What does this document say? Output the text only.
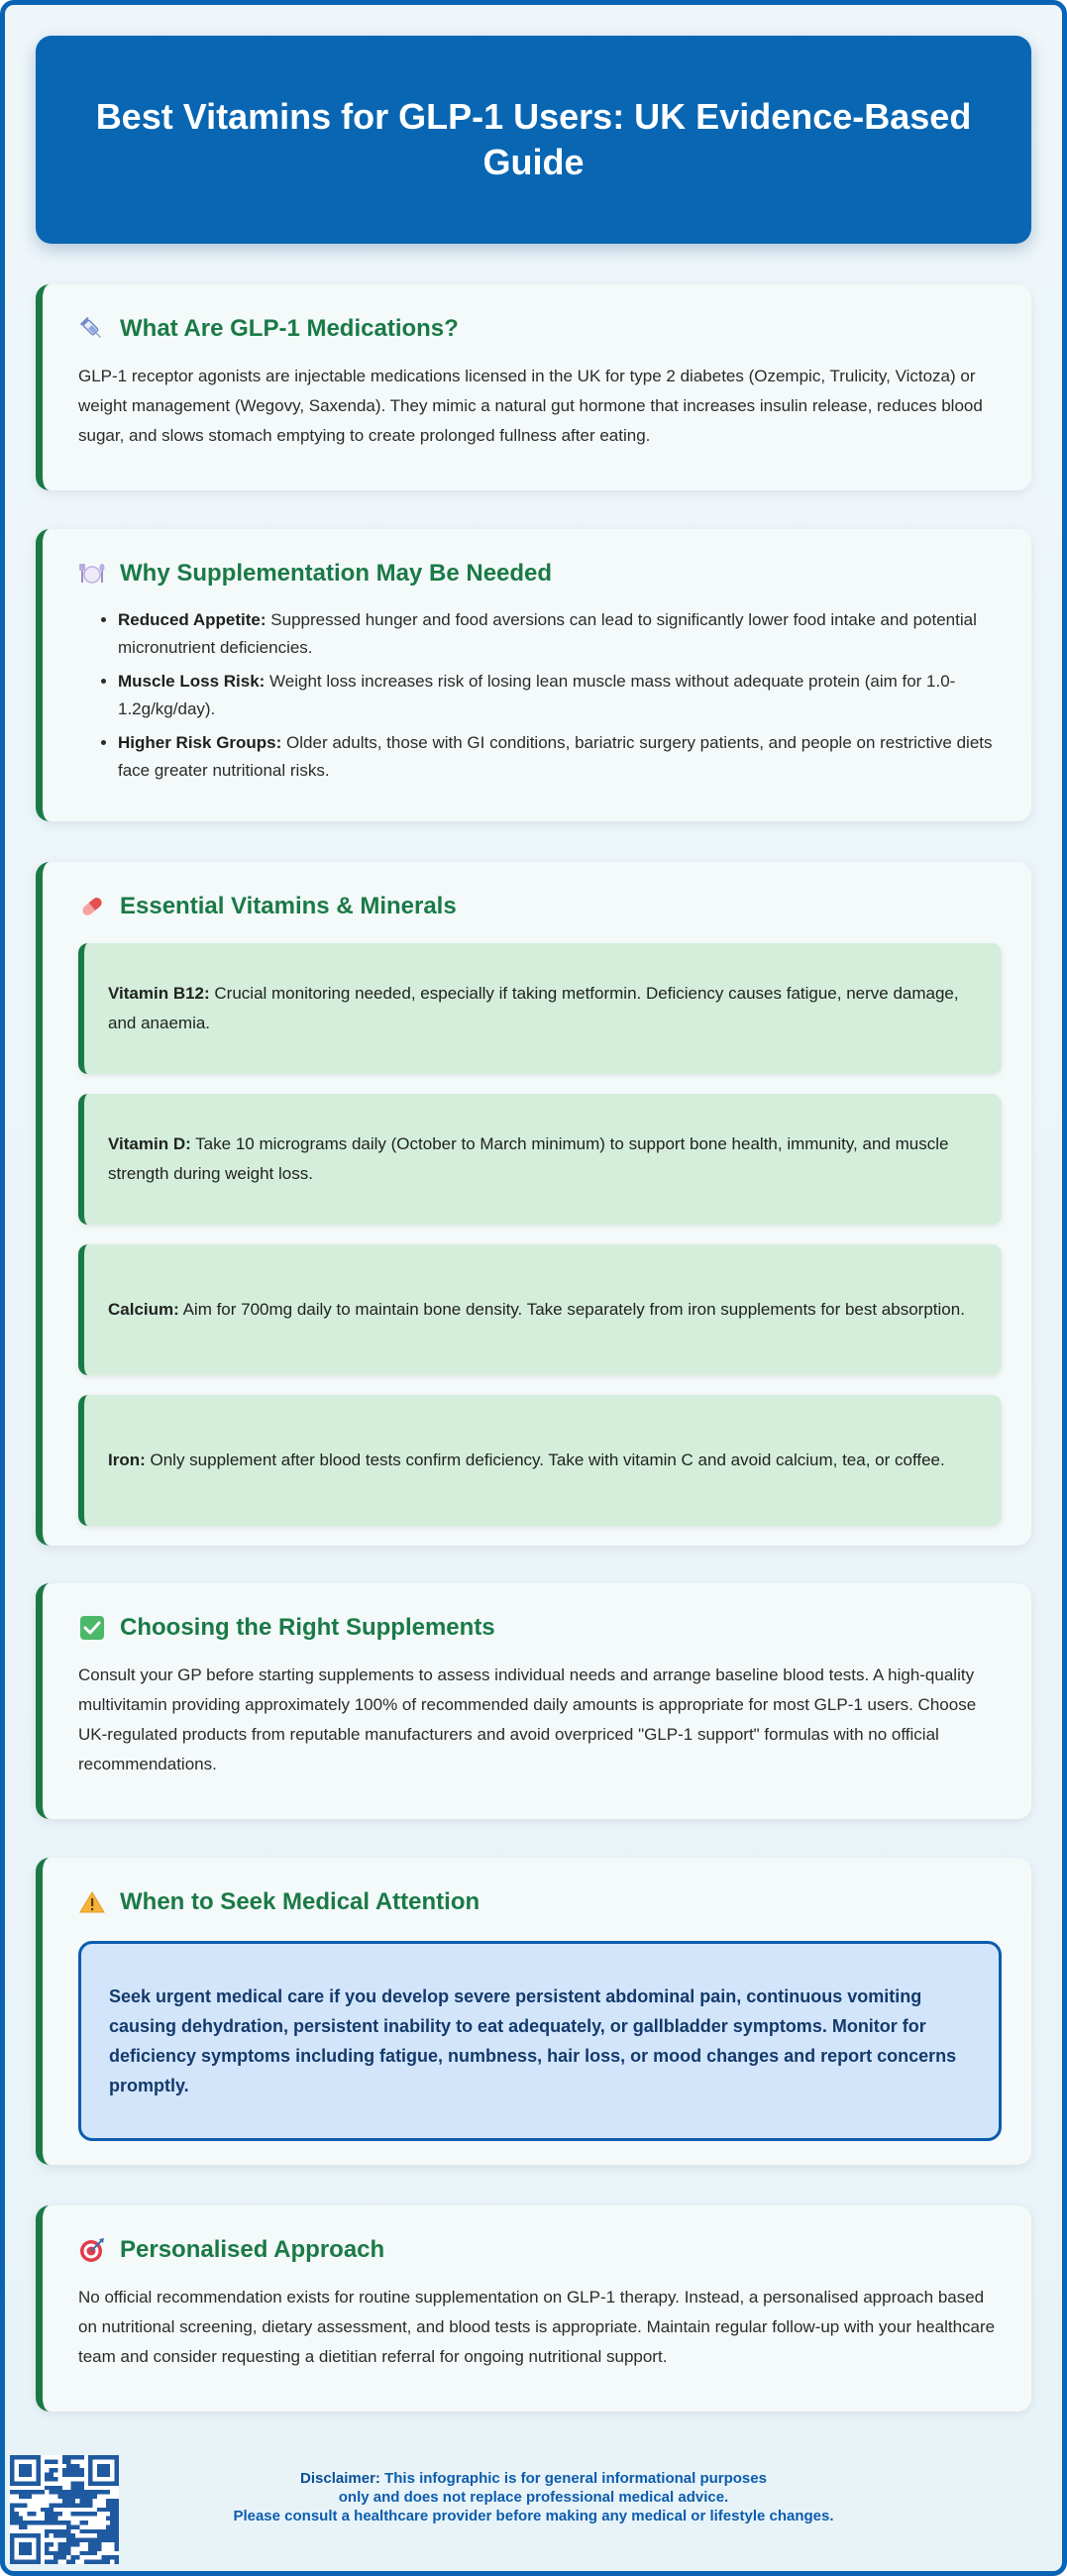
Best Vitamins for GLP-1 Users: UK Evidence-Based Guide
What Are GLP-1 Medications?

GLP-1 receptor agonists are injectable medications licensed in the UK for type 2 diabetes (Ozempic, Trulicity, Victoza) or weight management (Wegovy, Saxenda). They mimic a natural gut hormone that increases insulin release, reduces blood sugar, and slows stomach emptying to create prolonged fullness after eating.

Why Supplementation May Be Needed
• Reduced Appetite: Suppressed hunger and food aversions can lead to significantly lower food intake and potential micronutrient deficiencies.
• Muscle Loss Risk: Weight loss increases risk of losing lean muscle mass without adequate protein (aim for 1.0-1.2g/kg/day).
• Higher Risk Groups: Older adults, those with GI conditions, bariatric surgery patients, and people on restrictive diets face greater nutritional risks.
Essential Vitamins & Minerals

Vitamin B12: Crucial monitoring needed, especially if taking metformin. Deficiency causes fatigue, nerve damage, and anaemia.

Vitamin D: Take 10 micrograms daily (October to March minimum) to support bone health, immunity, and muscle strength during weight loss.

Calcium: Aim for 700mg daily to maintain bone density. Take separately from iron supplements for best absorption.

Iron: Only supplement after blood tests confirm deficiency. Take with vitamin C and avoid calcium, tea, or coffee.

Choosing the Right Supplements

Consult your GP before starting supplements to assess individual needs and arrange baseline blood tests. A high-quality multivitamin providing approximately 100% of recommended daily amounts is appropriate for most GLP-1 users. Choose UK-regulated products from reputable manufacturers and avoid overpriced "GLP-1 support" formulas with no official recommendations.

When to Seek Medical Attention

Seek urgent medical care if you develop severe persistent abdominal pain, continuous vomiting causing dehydration, persistent inability to eat adequately, or gallbladder symptoms. Monitor for deficiency symptoms including fatigue, numbness, hair loss, or mood changes and report concerns promptly.

Personalised Approach

No official recommendation exists for routine supplementation on GLP-1 therapy. Instead, a personalised approach based on nutritional screening, dietary assessment, and blood tests is appropriate. Maintain regular follow-up with your healthcare team and consider requesting a dietitian referral for ongoing nutritional support.

Disclaimer: This infographic is for general informational purposes
only and does not replace professional medical advice.
Please consult a healthcare provider before making any medical or lifestyle changes.
